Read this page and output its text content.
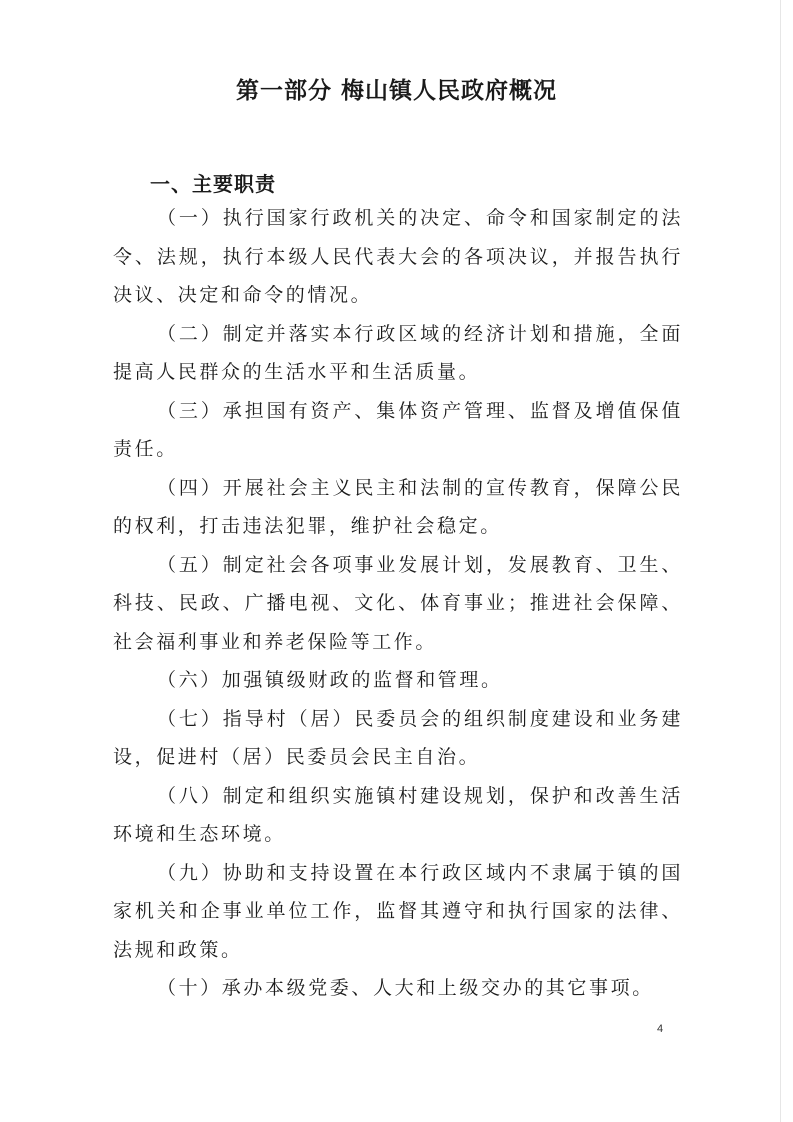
第一部分 梅山镇人民政府概况
一、主要职责

（一）执行国家行政机关的决定、命令和国家制定的法令、法规，执行本级人民代表大会的各项决议，并报告执行决议、决定和命令的情况。

（二）制定并落实本行政区域的经济计划和措施，全面提高人民群众的生活水平和生活质量。

（三）承担国有资产、集体资产管理、监督及增值保值责任。

（四）开展社会主义民主和法制的宣传教育，保障公民的权利，打击违法犯罪，维护社会稳定。

（五）制定社会各项事业发展计划，发展教育、卫生、科技、民政、广播电视、文化、体育事业；推进社会保障、社会福利事业和养老保险等工作。

（六）加强镇级财政的监督和管理。

（七）指导村（居）民委员会的组织制度建设和业务建设，促进村（居）民委员会民主自治。

（八）制定和组织实施镇村建设规划，保护和改善生活环境和生态环境。

（九）协助和支持设置在本行政区域内不隶属于镇的国家机关和企事业单位工作，监督其遵守和执行国家的法律、法规和政策。

（十）承办本级党委、人大和上级交办的其它事项。

4
